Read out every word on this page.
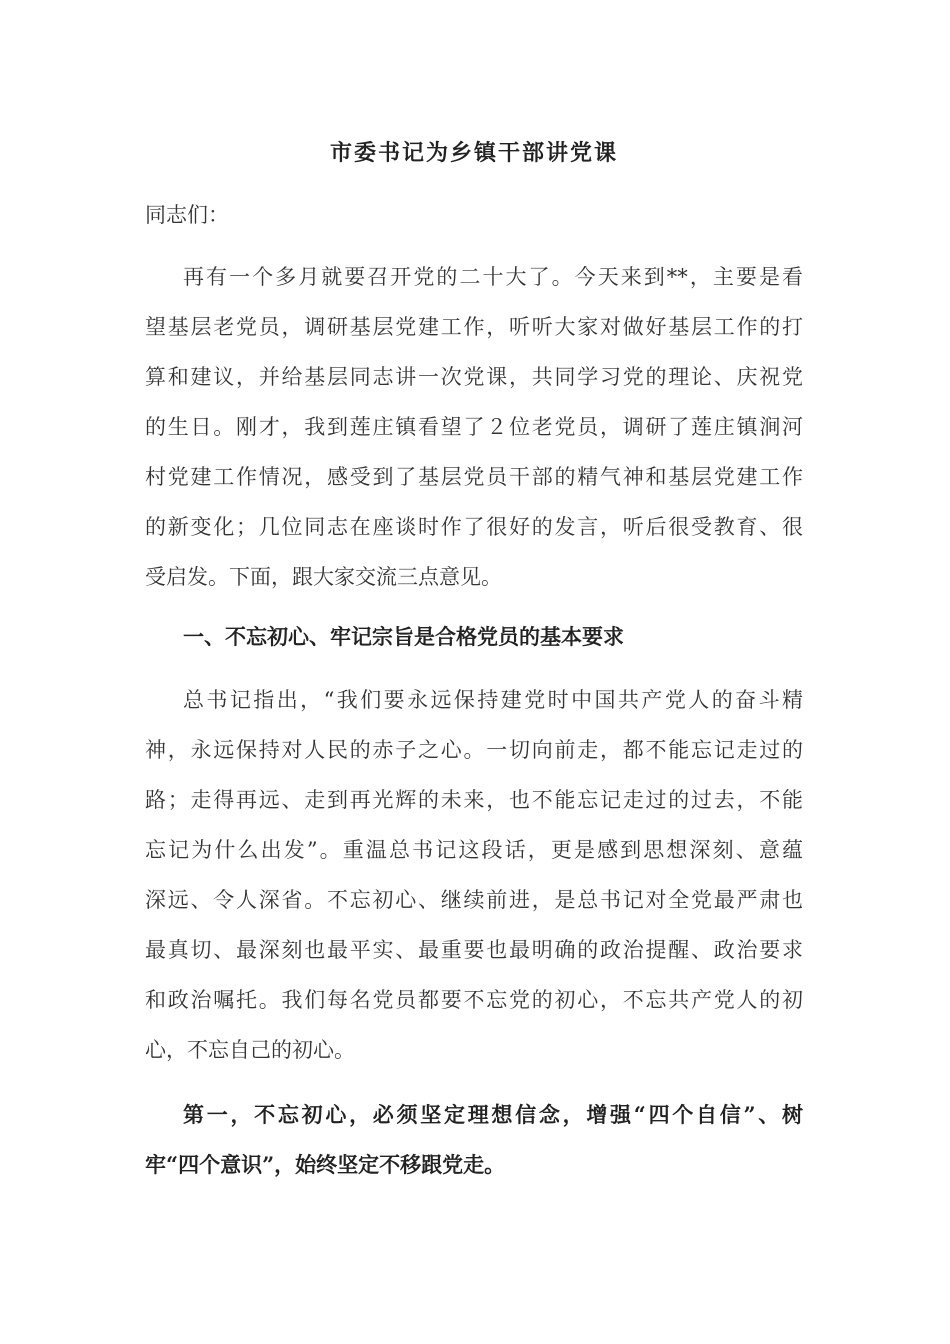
市委书记为乡镇干部讲党课
同志们：
再有一个多月就要召开党的二十大了。今天来到**，主要是看
望基层老党员，调研基层党建工作，听听大家对做好基层工作的打
算和建议，并给基层同志讲一次党课，共同学习党的理论、庆祝党
的生日。刚才，我到莲庄镇看望了２位老党员，调研了莲庄镇涧河
村党建工作情况，感受到了基层党员干部的精气神和基层党建工作
的新变化；几位同志在座谈时作了很好的发言，听后很受教育、很
受启发。下面，跟大家交流三点意见。
一、不忘初心、牢记宗旨是合格党员的基本要求
总书记指出，“我们要永远保持建党时中国共产党人的奋斗精
神，永远保持对人民的赤子之心。一切向前走，都不能忘记走过的
路；走得再远、走到再光辉的未来，也不能忘记走过的过去，不能
忘记为什么出发”。重温总书记这段话，更是感到思想深刻、意蕴
深远、令人深省。不忘初心、继续前进，是总书记对全党最严肃也
最真切、最深刻也最平实、最重要也最明确的政治提醒、政治要求
和政治嘱托。我们每名党员都要不忘党的初心，不忘共产党人的初
心，不忘自己的初心。
第一，不忘初心，必须坚定理想信念，增强“四个自信”、树
牢“四个意识”，始终坚定不移跟党走。
